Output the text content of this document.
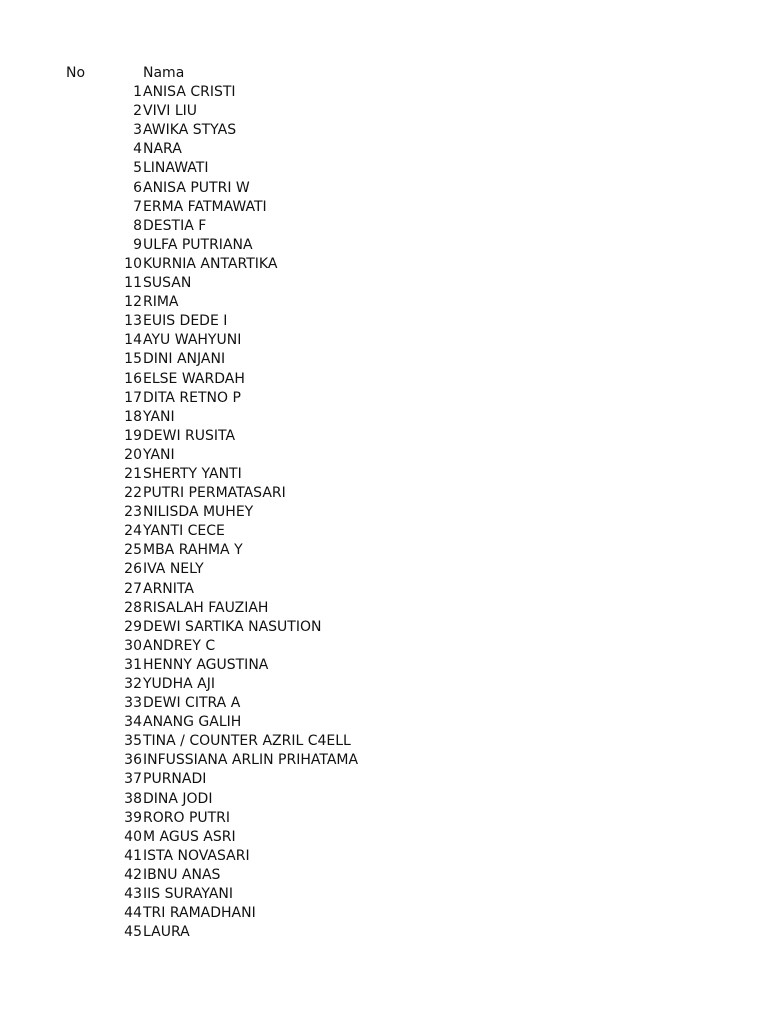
No	Nama
1 ANISA CRISTI
2 VIVI LIU
3 AWIKA STYAS
4 NARA
5 LINAWATI
6 ANISA PUTRI W
7 ERMA FATMAWATI
8 DESTIA F
9 ULFA PUTRIANA
10 KURNIA ANTARTIKA
11 SUSAN
12 RIMA
13 EUIS DEDE I
14 AYU WAHYUNI
15 DINI ANJANI
16 ELSE WARDAH
17 DITA RETNO P
18 YANI
19 DEWI RUSITA
20 YANI
21 SHERTY YANTI
22 PUTRI PERMATASARI
23 NILISDA MUHEY
24 YANTI CECE
25 MBA RAHMA Y
26 IVA NELY
27 ARNITA
28 RISALAH FAUZIAH
29 DEWI SARTIKA NASUTION
30 ANDREY C
31 HENNY AGUSTINA
32 YUDHA AJI
33 DEWI CITRA A
34 ANANG GALIH
35 TINA / COUNTER AZRIL C4ELL
36 INFUSSIANA ARLIN PRIHATAMA
37 PURNADI
38 DINA JODI
39 RORO PUTRI
40 M AGUS ASRI
41 ISTA NOVASARI
42 IBNU ANAS
43 IIS SURAYANI
44 TRI RAMADHANI
45 LAURA
